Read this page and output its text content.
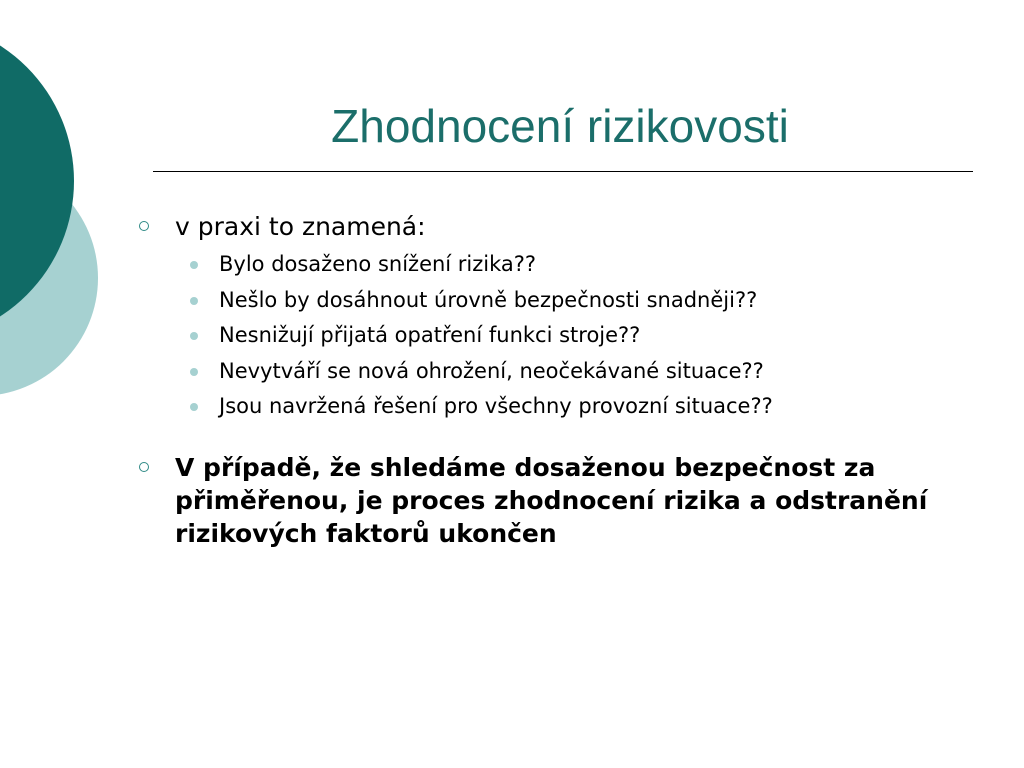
Zhodnocení rizikovosti
v praxi to znamená:
Bylo dosaženo snížení rizika??
Nešlo by dosáhnout úrovně bezpečnosti snadněji??
Nesnižují přijatá opatření funkci stroje??
Nevytváří se nová ohrožení, neočekávané situace??
Jsou navržená řešení pro všechny provozní situace??
V případě, že shledáme dosaženou bezpečnost za přiměřenou, je proces zhodnocení rizika a odstranění rizikových faktorů ukončen
